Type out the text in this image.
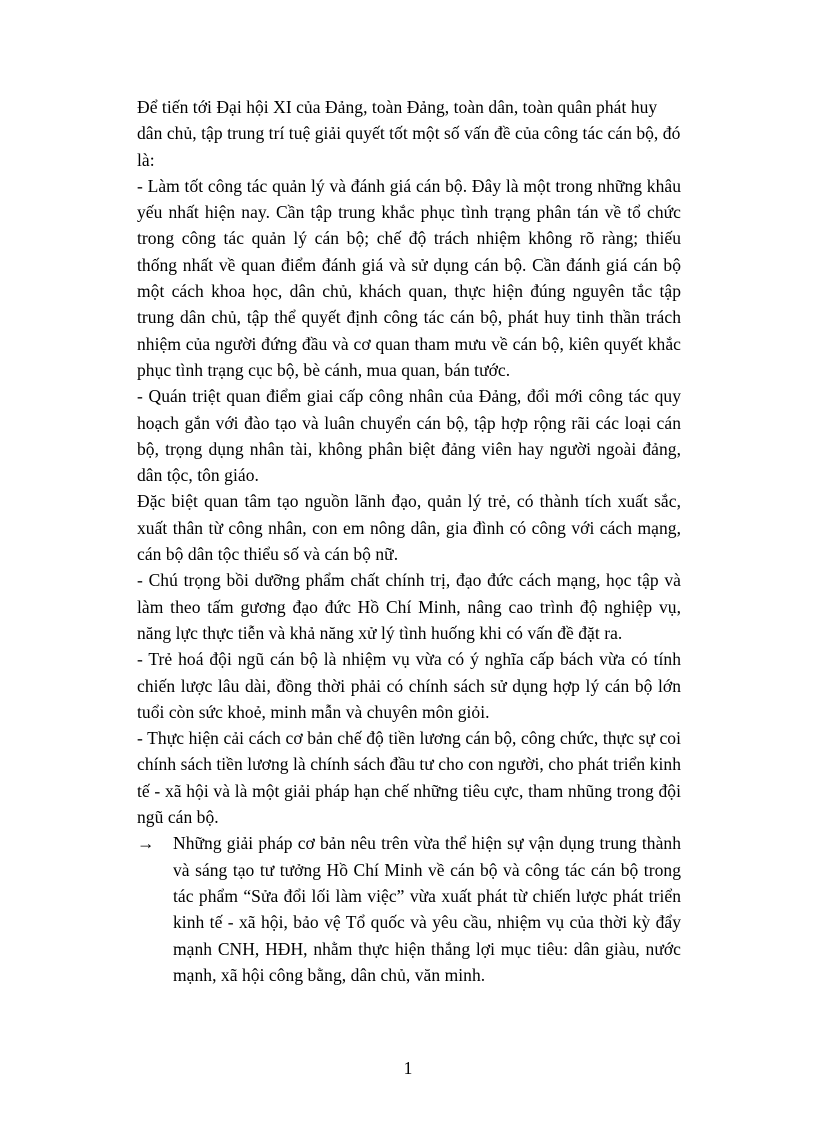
Để tiến tới Đại hội XI của Đảng, toàn Đảng, toàn dân, toàn quân phát huy dân chủ, tập trung trí tuệ giải quyết tốt một số vấn đề của công tác cán bộ, đó là:

- Làm tốt công tác quản lý và đánh giá cán bộ. Đây là một trong những khâu yếu nhất hiện nay. Cần tập trung khắc phục tình trạng phân tán về tổ chức trong công tác quản lý cán bộ; chế độ trách nhiệm không rõ ràng; thiếu thống nhất về quan điểm đánh giá và sử dụng cán bộ. Cần đánh giá cán bộ một cách khoa học, dân chủ, khách quan, thực hiện đúng nguyên tắc tập trung dân chủ, tập thể quyết định công tác cán bộ, phát huy tinh thần trách nhiệm của người đứng đầu và cơ quan tham mưu về cán bộ, kiên quyết khắc phục tình trạng cục bộ, bè cánh, mua quan, bán tước.

- Quán triệt quan điểm giai cấp công nhân của Đảng, đổi mới công tác quy hoạch gắn với đào tạo và luân chuyển cán bộ, tập hợp rộng rãi các loại cán bộ, trọng dụng nhân tài, không phân biệt đảng viên hay người ngoài đảng, dân tộc, tôn giáo.

Đặc biệt quan tâm tạo nguồn lãnh đạo, quản lý trẻ, có thành tích xuất sắc, xuất thân từ công nhân, con em nông dân, gia đình có công với cách mạng, cán bộ dân tộc thiểu số và cán bộ nữ.

- Chú trọng bồi dưỡng phẩm chất chính trị, đạo đức cách mạng, học tập và làm theo tấm gương đạo đức Hồ Chí Minh, nâng cao trình độ nghiệp vụ, năng lực thực tiễn và khả năng xử lý tình huống khi có vấn đề đặt ra.

- Trẻ hoá đội ngũ cán bộ là nhiệm vụ vừa có ý nghĩa cấp bách vừa có tính chiến lược lâu dài, đồng thời phải có chính sách sử dụng hợp lý cán bộ lớn tuổi còn sức khoẻ, minh mẫn và chuyên môn giỏi.

- Thực hiện cải cách cơ bản chế độ tiền lương cán bộ, công chức, thực sự coi chính sách tiền lương là chính sách đầu tư cho con người, cho phát triển kinh tế - xã hội và là một giải pháp hạn chế những tiêu cực, tham nhũng trong đội ngũ cán bộ.

→	Những giải pháp cơ bản nêu trên vừa thể hiện sự vận dụng trung thành và sáng tạo tư tưởng Hồ Chí Minh về cán bộ và công tác cán bộ trong tác phẩm “Sửa đổi lối làm việc” vừa xuất phát từ chiến lược phát triển kinh tế - xã hội, bảo vệ Tổ quốc và yêu cầu, nhiệm vụ của thời kỳ đẩy mạnh CNH, HĐH, nhằm thực hiện thắng lợi mục tiêu: dân giàu, nước mạnh, xã hội công bằng, dân chủ, văn minh.
1
